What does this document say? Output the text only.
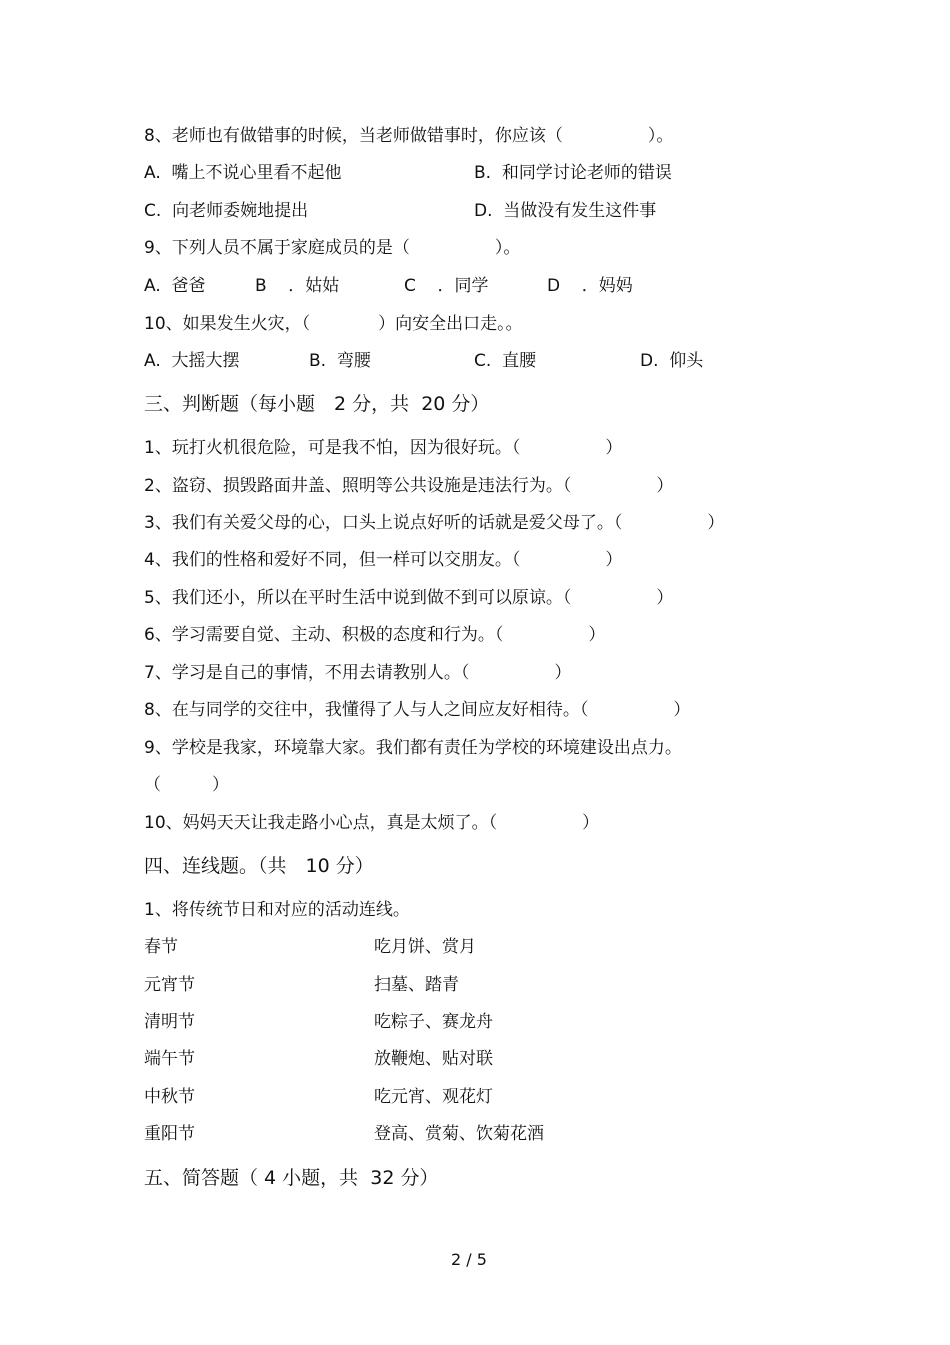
8、老师也有做错事的时候，当老师做错事时，你应该（　　　　　）。
A.  嘴上不说心里看不起他	B.  和同学讨论老师的错误
C.  向老师委婉地提出	D.  当做没有发生这件事
9、下列人员不属于家庭成员的是（　　　　　）。
A.  爸爸	B    ．姑姑	C    ．同学	D    ．妈妈
10、如果发生火灾，（　　　　）向安全出口走。。
A.  大摇大摆	B.  弯腰	C.  直腰	D.  仰头
三、判断题（每小题　2 分，共  20 分）
1、玩打火机很危险，可是我不怕，因为很好玩。（　　　　　）
2、盗窃、损毁路面井盖、照明等公共设施是违法行为。（　　　　　）
3、我们有关爱父母的心，口头上说点好听的话就是爱父母了。（　　　　　）
4、我们的性格和爱好不同，但一样可以交朋友。（　　　　　）
5、我们还小，所以在平时生活中说到做不到可以原谅。（　　　　　）
6、学习需要自觉、主动、积极的态度和行为。（　　　　　）
7、学习是自己的事情，不用去请教别人。（　　　　　）
8、在与同学的交往中，我懂得了人与人之间应友好相待。（　　　　　）
9、学校是我家，环境靠大家。我们都有责任为学校的环境建设出点力。
（　　　）
10、妈妈天天让我走路小心点，真是太烦了。（　　　　　）
四、连线题。（共　10 分）
1、将传统节日和对应的活动连线。
春节	吃月饼、赏月
元宵节	扫墓、踏青
清明节	吃粽子、赛龙舟
端午节	放鞭炮、贴对联
中秋节	吃元宵、观花灯
重阳节	登高、赏菊、饮菊花酒
五、简答题（ 4 小题，共  32 分）
2 / 5
